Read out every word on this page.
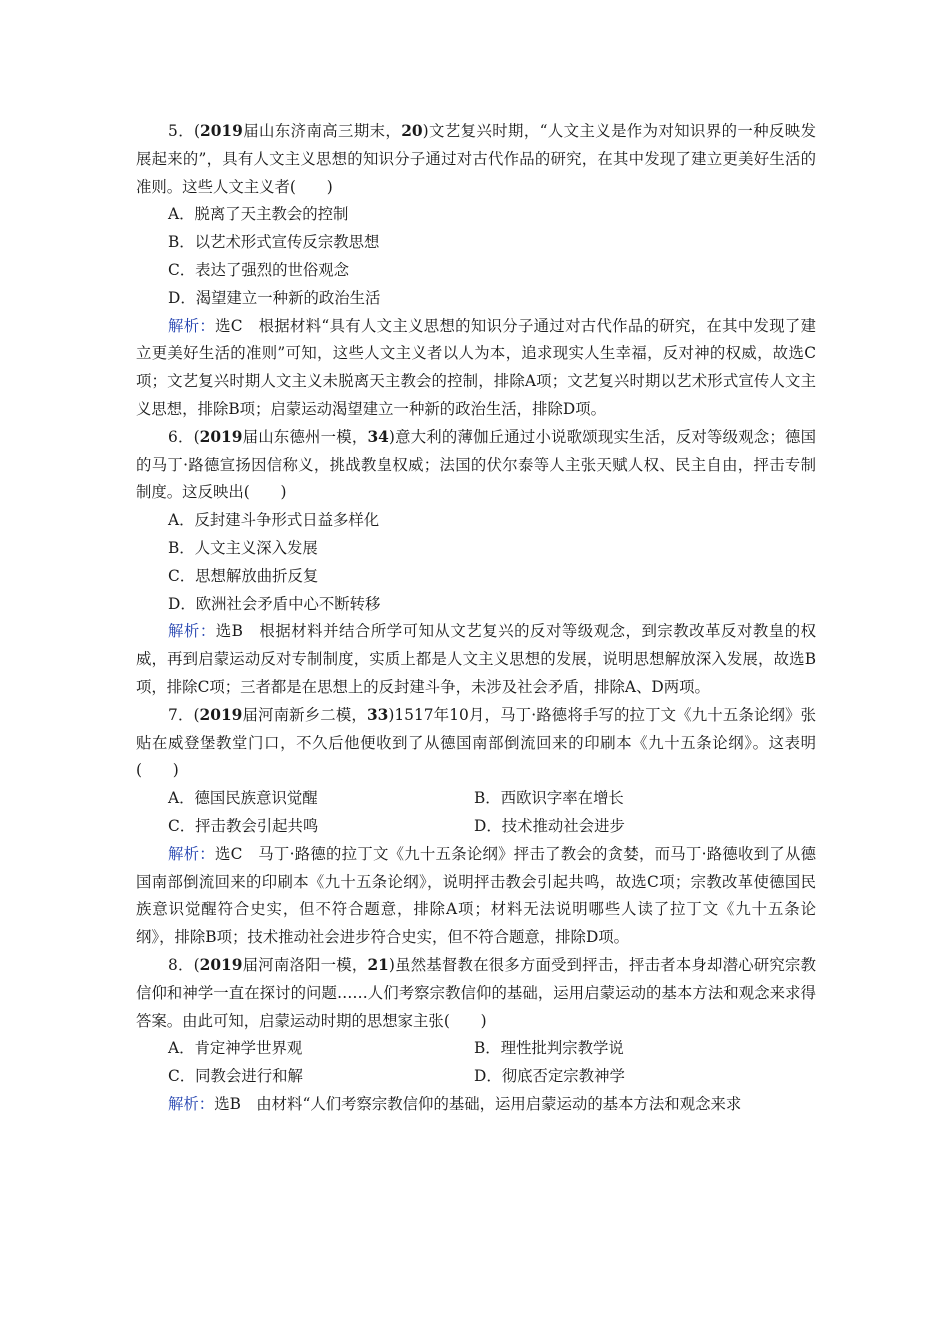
5．(2019届山东济南高三期末，20)文艺复兴时期，“人文主义是作为对知识界的一种反映发展起来的”，具有人文主义思想的知识分子通过对古代作品的研究，在其中发现了建立更美好生活的准则。这些人文主义者(　　)

A．脱离了天主教会的控制

B．以艺术形式宣传反宗教思想

C．表达了强烈的世俗观念

D．渴望建立一种新的政治生活

解析：选C　根据材料“具有人文主义思想的知识分子通过对古代作品的研究，在其中发现了建立更美好生活的准则”可知，这些人文主义者以人为本，追求现实人生幸福，反对神的权威，故选C项；文艺复兴时期人文主义未脱离天主教会的控制，排除A项；文艺复兴时期以艺术形式宣传人文主义思想，排除B项；启蒙运动渴望建立一种新的政治生活，排除D项。

6．(2019届山东德州一模，34)意大利的薄伽丘通过小说歌颂现实生活，反对等级观念；德国的马丁·路德宣扬因信称义，挑战教皇权威；法国的伏尔泰等人主张天赋人权、民主自由，抨击专制制度。这反映出(　　)

A．反封建斗争形式日益多样化

B．人文主义深入发展

C．思想解放曲折反复

D．欧洲社会矛盾中心不断转移

解析：选B　根据材料并结合所学可知从文艺复兴的反对等级观念，到宗教改革反对教皇的权威，再到启蒙运动反对专制制度，实质上都是人文主义思想的发展，说明思想解放深入发展，故选B项，排除C项；三者都是在思想上的反封建斗争，未涉及社会矛盾，排除A、D两项。

7．(2019届河南新乡二模，33)1517年10月，马丁·路德将手写的拉丁文《九十五条论纲》张贴在威登堡教堂门口，不久后他便收到了从德国南部倒流回来的印刷本《九十五条论纲》。这表明(　　)

A．德国民族意识觉醒	B．西欧识字率在增长
C．抨击教会引起共鸣	D．技术推动社会进步

解析：选C　马丁·路德的拉丁文《九十五条论纲》抨击了教会的贪婪，而马丁·路德收到了从德国南部倒流回来的印刷本《九十五条论纲》，说明抨击教会引起共鸣，故选C项；宗教改革使德国民族意识觉醒符合史实，但不符合题意，排除A项；材料无法说明哪些人读了拉丁文《九十五条论纲》，排除B项；技术推动社会进步符合史实，但不符合题意，排除D项。

8．(2019届河南洛阳一模，21)虽然基督教在很多方面受到抨击，抨击者本身却潜心研究宗教信仰和神学一直在探讨的问题……人们考察宗教信仰的基础，运用启蒙运动的基本方法和观念来求得答案。由此可知，启蒙运动时期的思想家主张(　　)

A．肯定神学世界观	B．理性批判宗教学说
C．同教会进行和解	D．彻底否定宗教神学

解析：选B　由材料“人们考察宗教信仰的基础，运用启蒙运动的基本方法和观念来求
